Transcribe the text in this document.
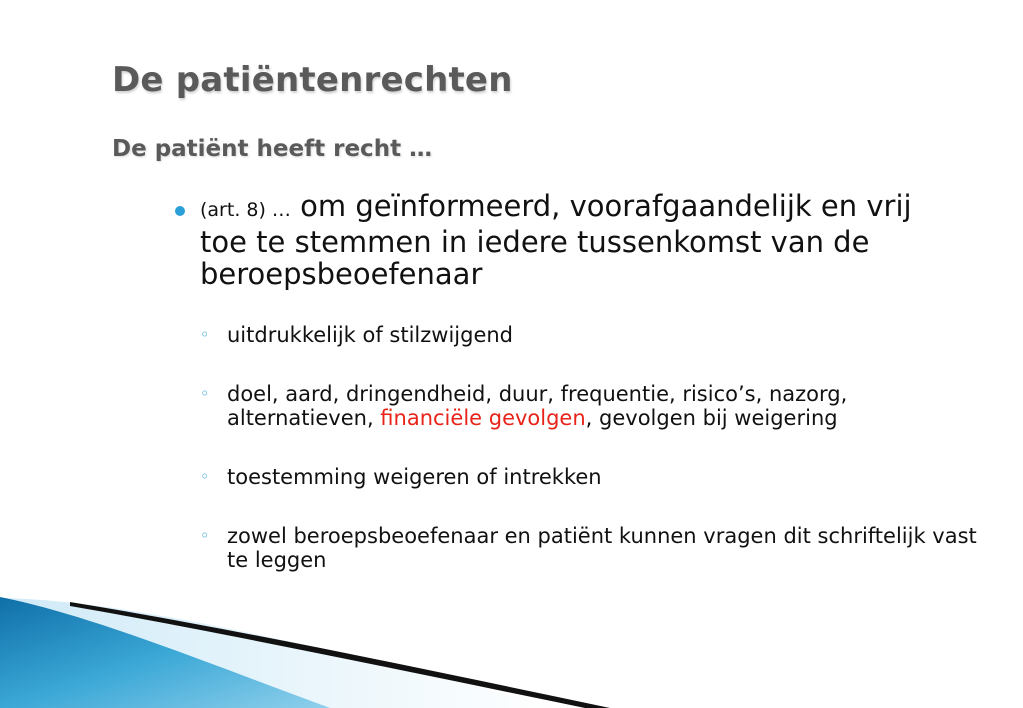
De patiëntenrechten
De patiënt heeft recht …
(art. 8) … om geïnformeerd, voorafgaandelijk en vrij toe te stemmen in iedere tussenkomst van de beroepsbeoefenaar
◦ uitdrukkelijk of stilzwijgend
◦ doel, aard, dringendheid, duur, frequentie, risico’s, nazorg, alternatieven, financiële gevolgen, gevolgen bij weigering
◦ toestemming weigeren of intrekken
◦ zowel beroepsbeoefenaar en patiënt kunnen vragen dit schriftelijk vast te leggen
